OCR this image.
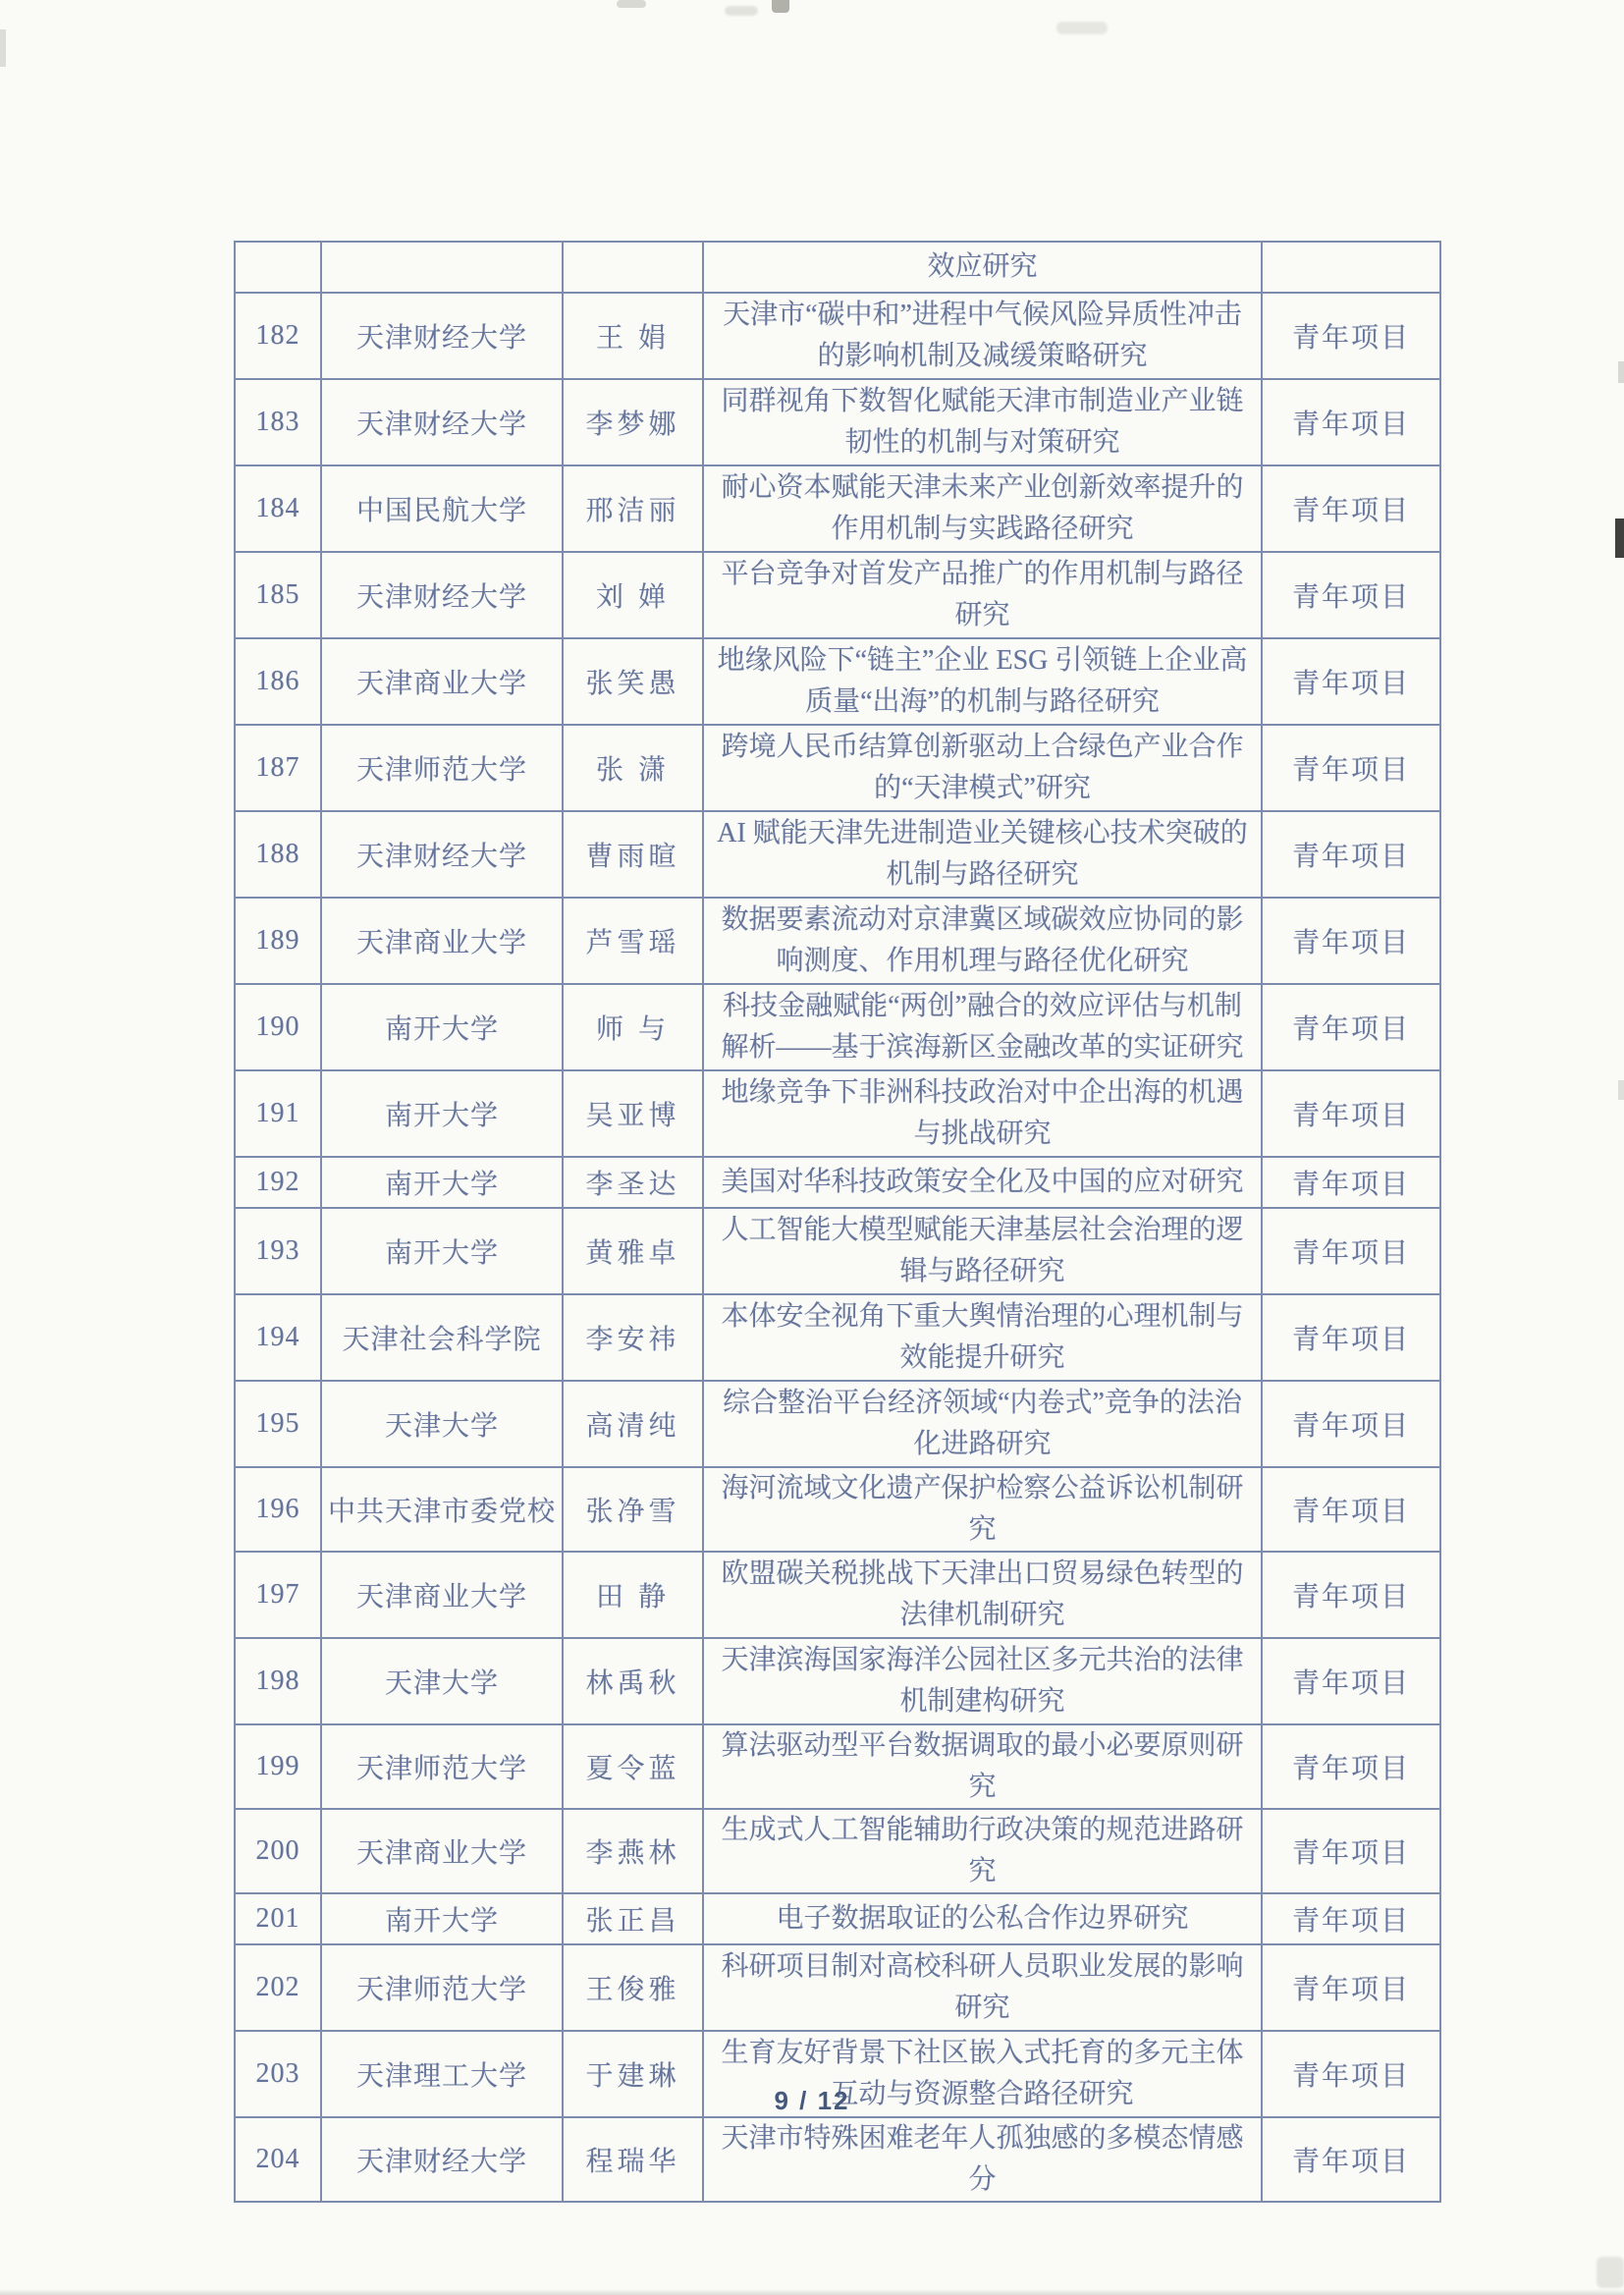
			效应研究	
182	天津财经大学	王 娟	天津市“碳中和”进程中气候风险异质性冲击的影响机制及减缓策略研究	青年项目
183	天津财经大学	李梦娜	同群视角下数智化赋能天津市制造业产业链韧性的机制与对策研究	青年项目
184	中国民航大学	邢洁丽	耐心资本赋能天津未来产业创新效率提升的作用机制与实践路径研究	青年项目
185	天津财经大学	刘 婵	平台竞争对首发产品推广的作用机制与路径研究	青年项目
186	天津商业大学	张笑愚	地缘风险下“链主”企业 ESG 引领链上企业高质量“出海”的机制与路径研究	青年项目
187	天津师范大学	张 潇	跨境人民币结算创新驱动上合绿色产业合作的“天津模式”研究	青年项目
188	天津财经大学	曹雨暄	AI 赋能天津先进制造业关键核心技术突破的机制与路径研究	青年项目
189	天津商业大学	芦雪瑶	数据要素流动对京津冀区域碳效应协同的影响测度、作用机理与路径优化研究	青年项目
190	南开大学	师 与	科技金融赋能“两创”融合的效应评估与机制解析——基于滨海新区金融改革的实证研究	青年项目
191	南开大学	吴亚博	地缘竞争下非洲科技政治对中企出海的机遇与挑战研究	青年项目
192	南开大学	李圣达	美国对华科技政策安全化及中国的应对研究	青年项目
193	南开大学	黄雅卓	人工智能大模型赋能天津基层社会治理的逻辑与路径研究	青年项目
194	天津社会科学院	李安祎	本体安全视角下重大舆情治理的心理机制与效能提升研究	青年项目
195	天津大学	高清纯	综合整治平台经济领域“内卷式”竞争的法治化进路研究	青年项目
196	中共天津市委党校	张净雪	海河流域文化遗产保护检察公益诉讼机制研究	青年项目
197	天津商业大学	田 静	欧盟碳关税挑战下天津出口贸易绿色转型的法律机制研究	青年项目
198	天津大学	林禹秋	天津滨海国家海洋公园社区多元共治的法律机制建构研究	青年项目
199	天津师范大学	夏令蓝	算法驱动型平台数据调取的最小必要原则研究	青年项目
200	天津商业大学	李燕林	生成式人工智能辅助行政决策的规范进路研究	青年项目
201	南开大学	张正昌	电子数据取证的公私合作边界研究	青年项目
202	天津师范大学	王俊雅	科研项目制对高校科研人员职业发展的影响研究	青年项目
203	天津理工大学	于建琳	生育友好背景下社区嵌入式托育的多元主体互动与资源整合路径研究	青年项目
204	天津财经大学	程瑞华	天津市特殊困难老年人孤独感的多模态情感分	青年项目
9 / 12
